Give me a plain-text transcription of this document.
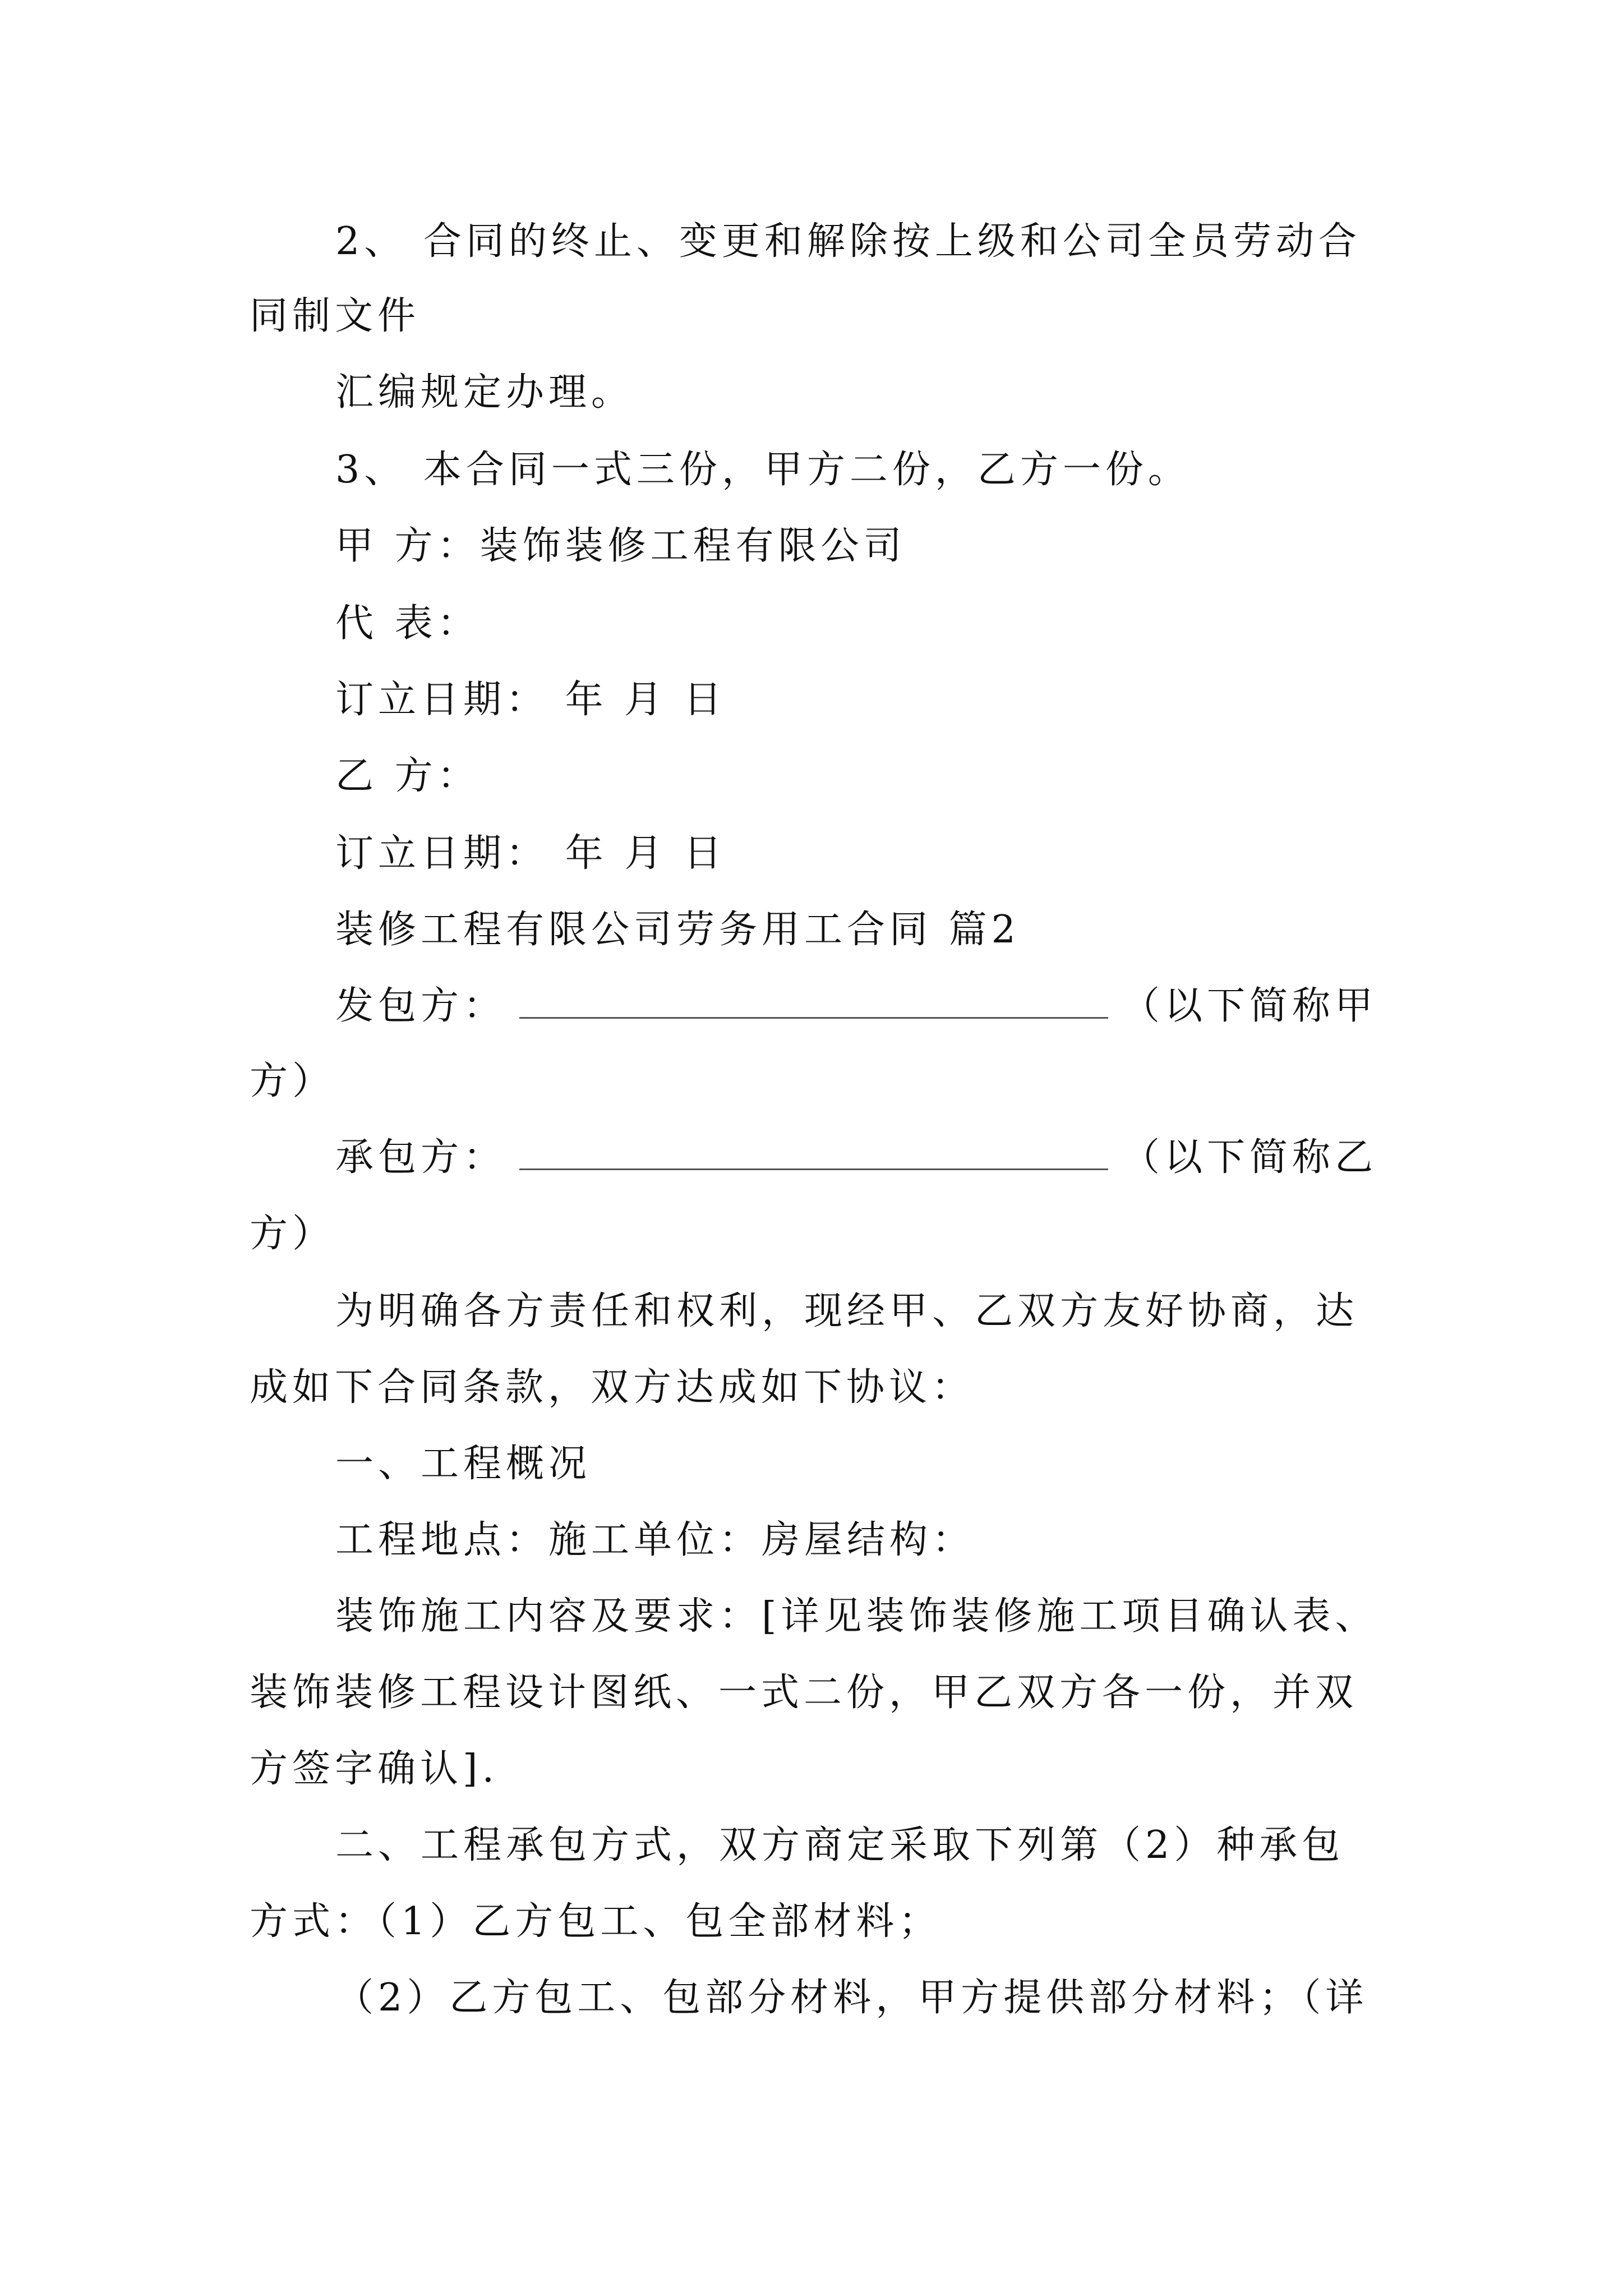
2、 合同的终止、变更和解除按上级和公司全员劳动合
同制文件
汇编规定办理。
3、 本合同一式三份，甲方二份，乙方一份。
甲 方：装饰装修工程有限公司
代 表：
订立日期： 年 月 日
乙 方：
订立日期： 年 月 日
装修工程有限公司劳务用工合同 篇2
发包方：	（以下简称甲
方）
承包方：	（以下简称乙
方）
为明确各方责任和权利，现经甲、乙双方友好协商，达
成如下合同条款，双方达成如下协议：
一、工程概况
工程地点：施工单位：房屋结构：
装饰施工内容及要求：[详见装饰装修施工项目确认表、
装饰装修工程设计图纸、一式二份，甲乙双方各一份，并双
方签字确认].
二、工程承包方式，双方商定采取下列第（2）种承包
方式：（1）乙方包工、包全部材料；
（2）乙方包工、包部分材料，甲方提供部分材料；（详
